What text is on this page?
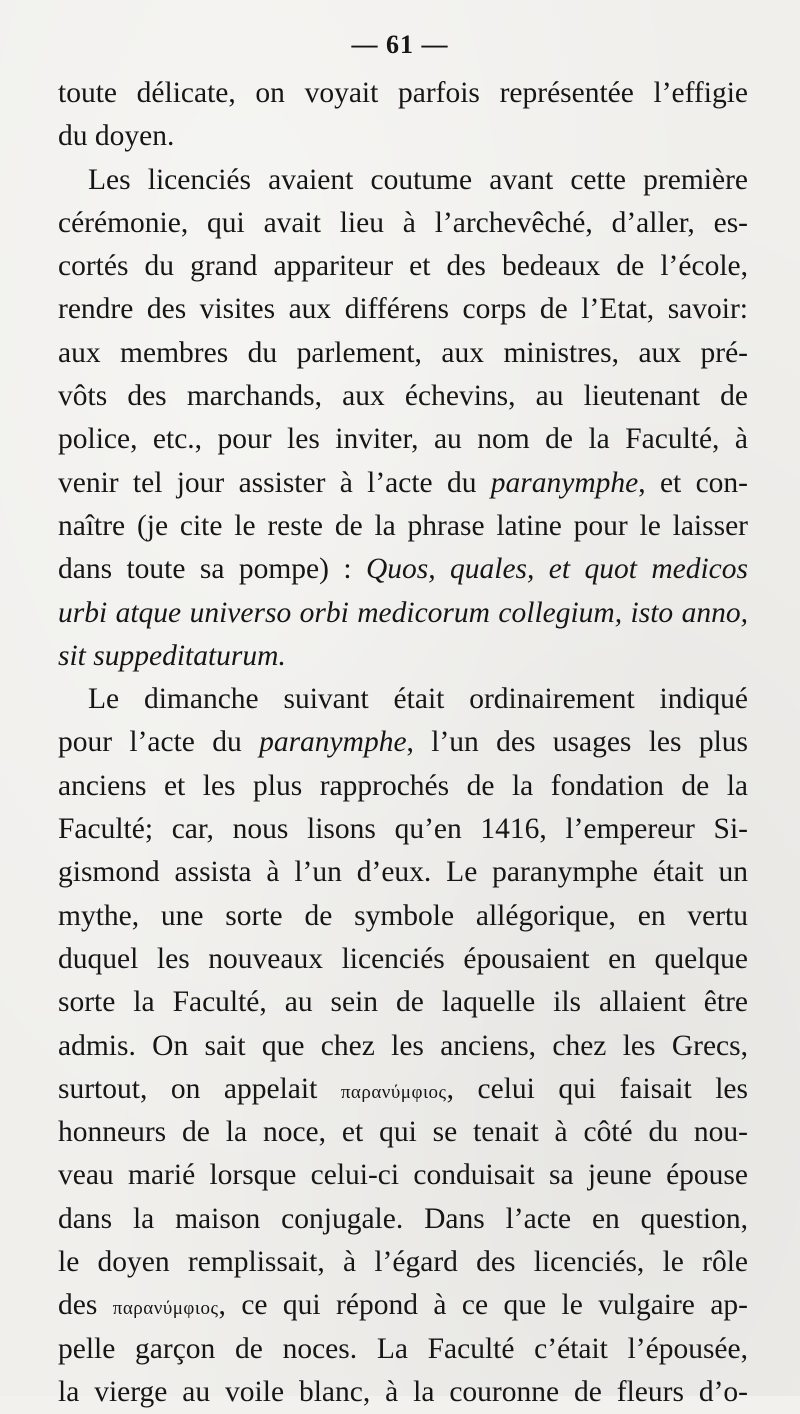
— 61 —
toute délicate, on voyait parfois représentée l’effigie
du doyen.
Les licenciés avaient coutume avant cette première
cérémonie, qui avait lieu à l’archevêché, d’aller, es-
cortés du grand appariteur et des bedeaux de l’école,
rendre des visites aux différens corps de l’Etat, savoir:
aux membres du parlement, aux ministres, aux pré-
vôts des marchands, aux échevins, au lieutenant de
police, etc., pour les inviter, au nom de la Faculté, à
venir tel jour assister à l’acte du paranymphe, et con-
naître (je cite le reste de la phrase latine pour le laisser
dans toute sa pompe) : Quos, quales, et quot medicos
urbi atque universo orbi medicorum collegium, isto anno,
sit suppeditaturum.
Le dimanche suivant était ordinairement indiqué
pour l’acte du paranymphe, l’un des usages les plus
anciens et les plus rapprochés de la fondation de la
Faculté; car, nous lisons qu’en 1416, l’empereur Si-
gismond assista à l’un d’eux. Le paranymphe était un
mythe, une sorte de symbole allégorique, en vertu
duquel les nouveaux licenciés épousaient en quelque
sorte la Faculté, au sein de laquelle ils allaient être
admis. On sait que chez les anciens, chez les Grecs,
surtout, on appelait παρανύμφιος, celui qui faisait les
honneurs de la noce, et qui se tenait à côté du nou-
veau marié lorsque celui-ci conduisait sa jeune épouse
dans la maison conjugale. Dans l’acte en question,
le doyen remplissait, à l’égard des licenciés, le rôle
des παρανύμφιος, ce qui répond à ce que le vulgaire ap-
pelle garçon de noces. La Faculté c’était l’épousée,
la vierge au voile blanc, à la couronne de fleurs d’o-
